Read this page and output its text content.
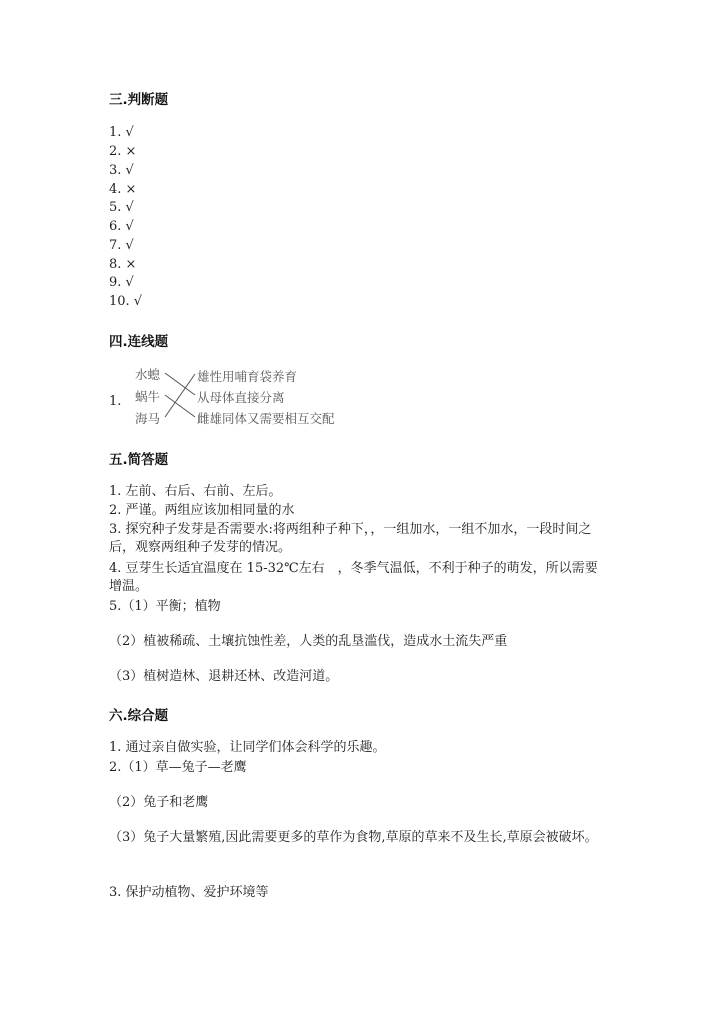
三.判断题
1. √
2. ×
3. √
4. ×
5. √
6. √
7. √
8. ×
9. √
10. √
四.连线题
1.
水螅
蜗牛
海马
雄性用哺育袋养育
从母体直接分离
雌雄同体又需要相互交配
五.简答题
1. 左前、右后、右前、左后。
2. 严谨。两组应该加相同量的水
3. 探究种子发芽是否需要水:将两组种子种下，，一组加水，一组不加水，一段时间之后，观察两组种子发芽的情况。
4. 豆芽生长适宜温度在 15-32℃左右　，冬季气温低，不利于种子的萌发，所以需要增温。
5.（1）平衡；植物
（2）植被稀疏、土壤抗蚀性差，人类的乱垦滥伐，造成水土流失严重
（3）植树造林、退耕还林、改造河道。
六.综合题
1. 通过亲自做实验，让同学们体会科学的乐趣。
2.（1）草—兔子—老鹰
（2）兔子和老鹰
（3）兔子大量繁殖,因此需要更多的草作为食物,草原的草来不及生长,草原会被破坏。
3. 保护动植物、爱护环境等
